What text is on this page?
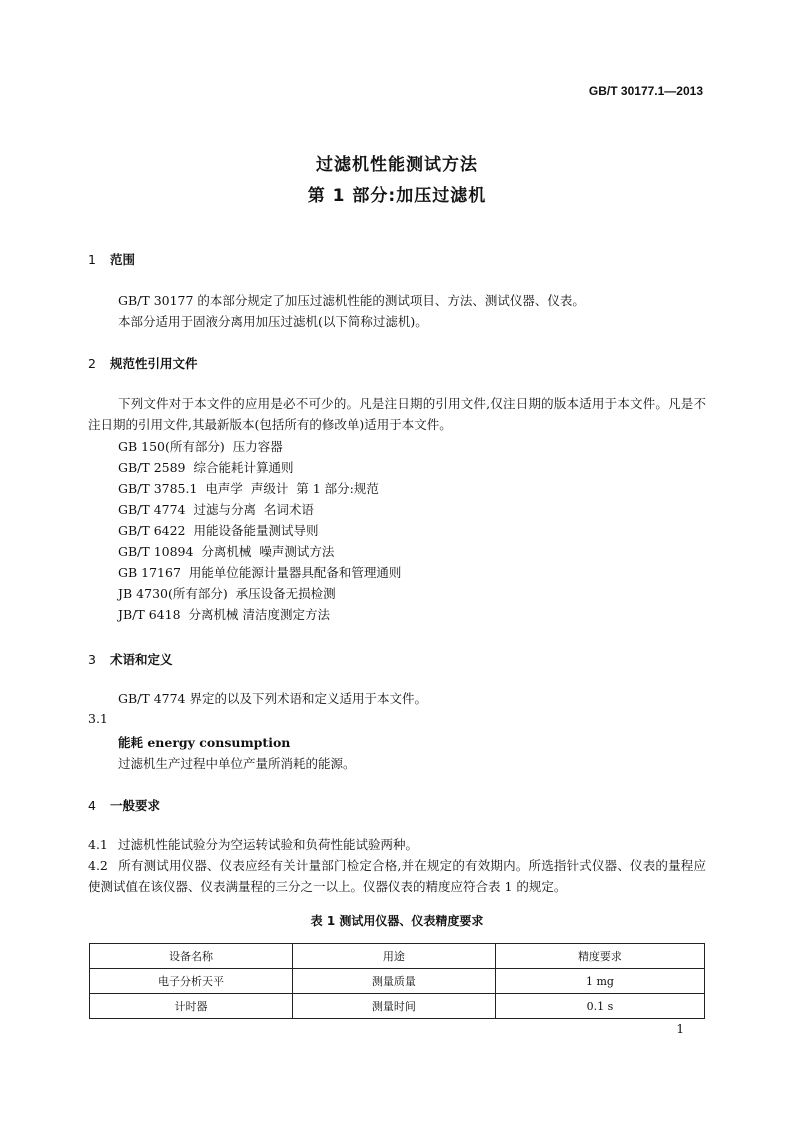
GB/T 30177.1—2013
过滤机性能测试方法
第 1 部分:加压过滤机
1 范围
GB/T 30177 的本部分规定了加压过滤机性能的测试项目、方法、测试仪器、仪表。
本部分适用于固液分离用加压过滤机(以下简称过滤机)。
2 规范性引用文件
下列文件对于本文件的应用是必不可少的。凡是注日期的引用文件,仅注日期的版本适用于本文件。凡是不注日期的引用文件,其最新版本(包括所有的修改单)适用于本文件。
GB 150(所有部分)  压力容器
GB/T 2589  综合能耗计算通则
GB/T 3785.1  电声学  声级计  第 1 部分:规范
GB/T 4774  过滤与分离  名词术语
GB/T 6422  用能设备能量测试导则
GB/T 10894  分离机械  噪声测试方法
GB 17167  用能单位能源计量器具配备和管理通则
JB 4730(所有部分)  承压设备无损检测
JB/T 6418  分离机械 清洁度测定方法
3 术语和定义
GB/T 4774 界定的以及下列术语和定义适用于本文件。
3.1
能耗 energy consumption
过滤机生产过程中单位产量所消耗的能源。
4 一般要求
4.1 过滤机性能试验分为空运转试验和负荷性能试验两种。
4.2 所有测试用仪器、仪表应经有关计量部门检定合格,并在规定的有效期内。所选指针式仪器、仪表的量程应使测试值在该仪器、仪表满量程的三分之一以上。仪器仪表的精度应符合表 1 的规定。
表 1 测试用仪器、仪表精度要求
设备名称	用途	精度要求
电子分析天平	测量质量	1 mg
计时器	测量时间	0.1 s
1
